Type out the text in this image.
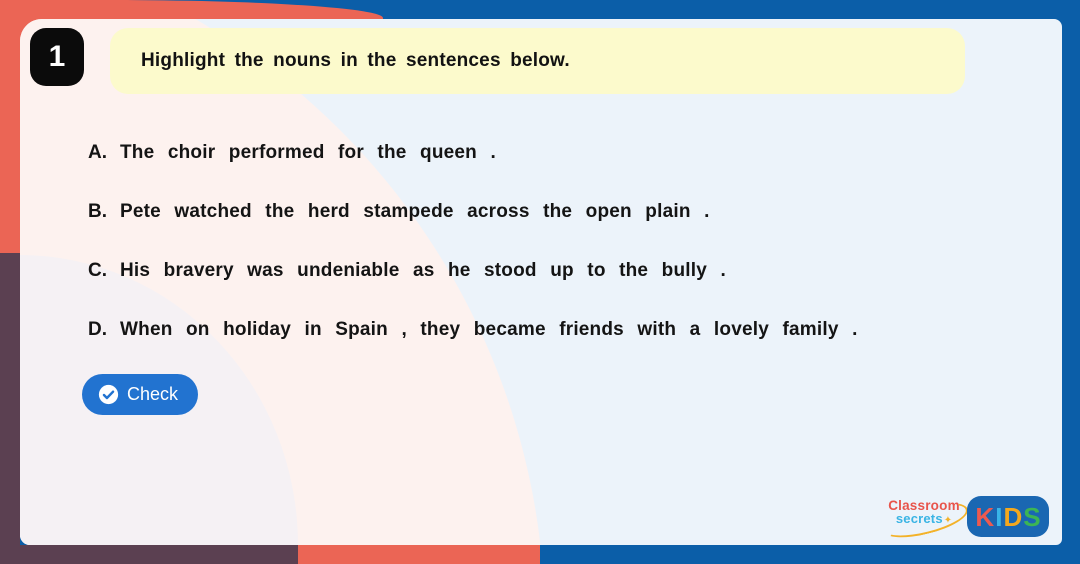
1	Highlight the nouns in the sentences below.
A. The choir performed for the queen .
B. Pete watched the herd stampede across the open plain .
C. His bravery was undeniable as he stood up to the bully .
D. When on holiday in Spain , they became friends with a lovely family .
Check
Classroom
secrets✦ K I D S
